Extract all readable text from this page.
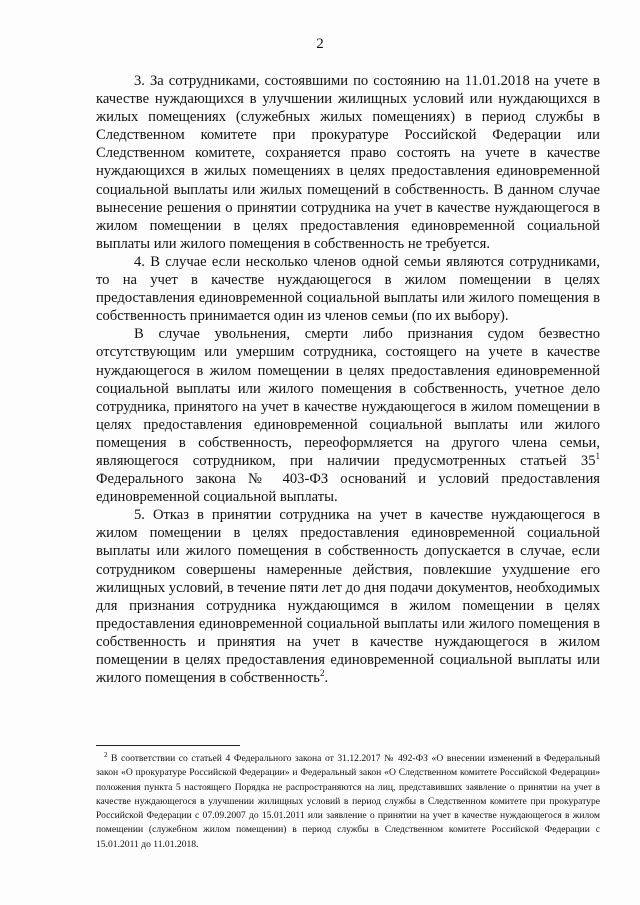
2

3. За сотрудниками, состоявшими по состоянию на 11.01.2018 на учете в качестве нуждающихся в улучшении жилищных условий или нуждающихся в жилых помещениях (служебных жилых помещениях) в период службы в Следственном комитете при прокуратуре Российской Федерации или Следственном комитете, сохраняется право состоять на учете в качестве нуждающихся в жилых помещениях в целях предоставления единовременной социальной выплаты или жилых помещений в собственность. В данном случае вынесение решения о принятии сотрудника на учет в качестве нуждающегося в жилом помещении в целях предоставления единовременной социальной выплаты или жилого помещения в собственность не требуется.

4. В случае если несколько членов одной семьи являются сотрудниками, то на учет в качестве нуждающегося в жилом помещении в целях предоставления единовременной социальной выплаты или жилого помещения в собственность принимается один из членов семьи (по их выбору).

В случае увольнения, смерти либо признания судом безвестно отсутствующим или умершим сотрудника, состоящего на учете в качестве нуждающегося в жилом помещении в целях предоставления единовременной социальной выплаты или жилого помещения в собственность, учетное дело сотрудника, принятого на учет в качестве нуждающегося в жилом помещении в целях предоставления единовременной социальной выплаты или жилого помещения в собственность, переоформляется на другого члена семьи, являющегося сотрудником, при наличии предусмотренных статьей $35^1$ Федерального закона № 403-ФЗ оснований и условий предоставления единовременной социальной выплаты.

5. Отказ в принятии сотрудника на учет в качестве нуждающегося в жилом помещении в целях предоставления единовременной социальной выплаты или жилого помещения в собственность допускается в случае, если сотрудником совершены намеренные действия, повлекшие ухудшение его жилищных условий, в течение пяти лет до дня подачи документов, необходимых для признания сотрудника нуждающимся в жилом помещении в целях предоставления единовременной социальной выплаты или жилого помещения в собственность и принятия на учет в качестве нуждающегося в жилом помещении в целях предоставления единовременной социальной выплаты или жилого помещения в собственность$^2$.

$^2$ В соответствии со статьей 4 Федерального закона от 31.12.2017 № 492-ФЗ «О внесении изменений в Федеральный закон «О прокуратуре Российской Федерации» и Федеральный закон «О Следственном комитете Российской Федерации» положения пункта 5 настоящего Порядка не распространяются на лиц, представивших заявление о принятии на учет в качестве нуждающегося в улучшении жилищных условий в период службы в Следственном комитете при прокуратуре Российской Федерации с 07.09.2007 до 15.01.2011 или заявление о принятии на учет в качестве нуждающегося в жилом помещении (служебном жилом помещении) в период службы в Следственном комитете Российской Федерации с 15.01.2011 до 11.01.2018.
